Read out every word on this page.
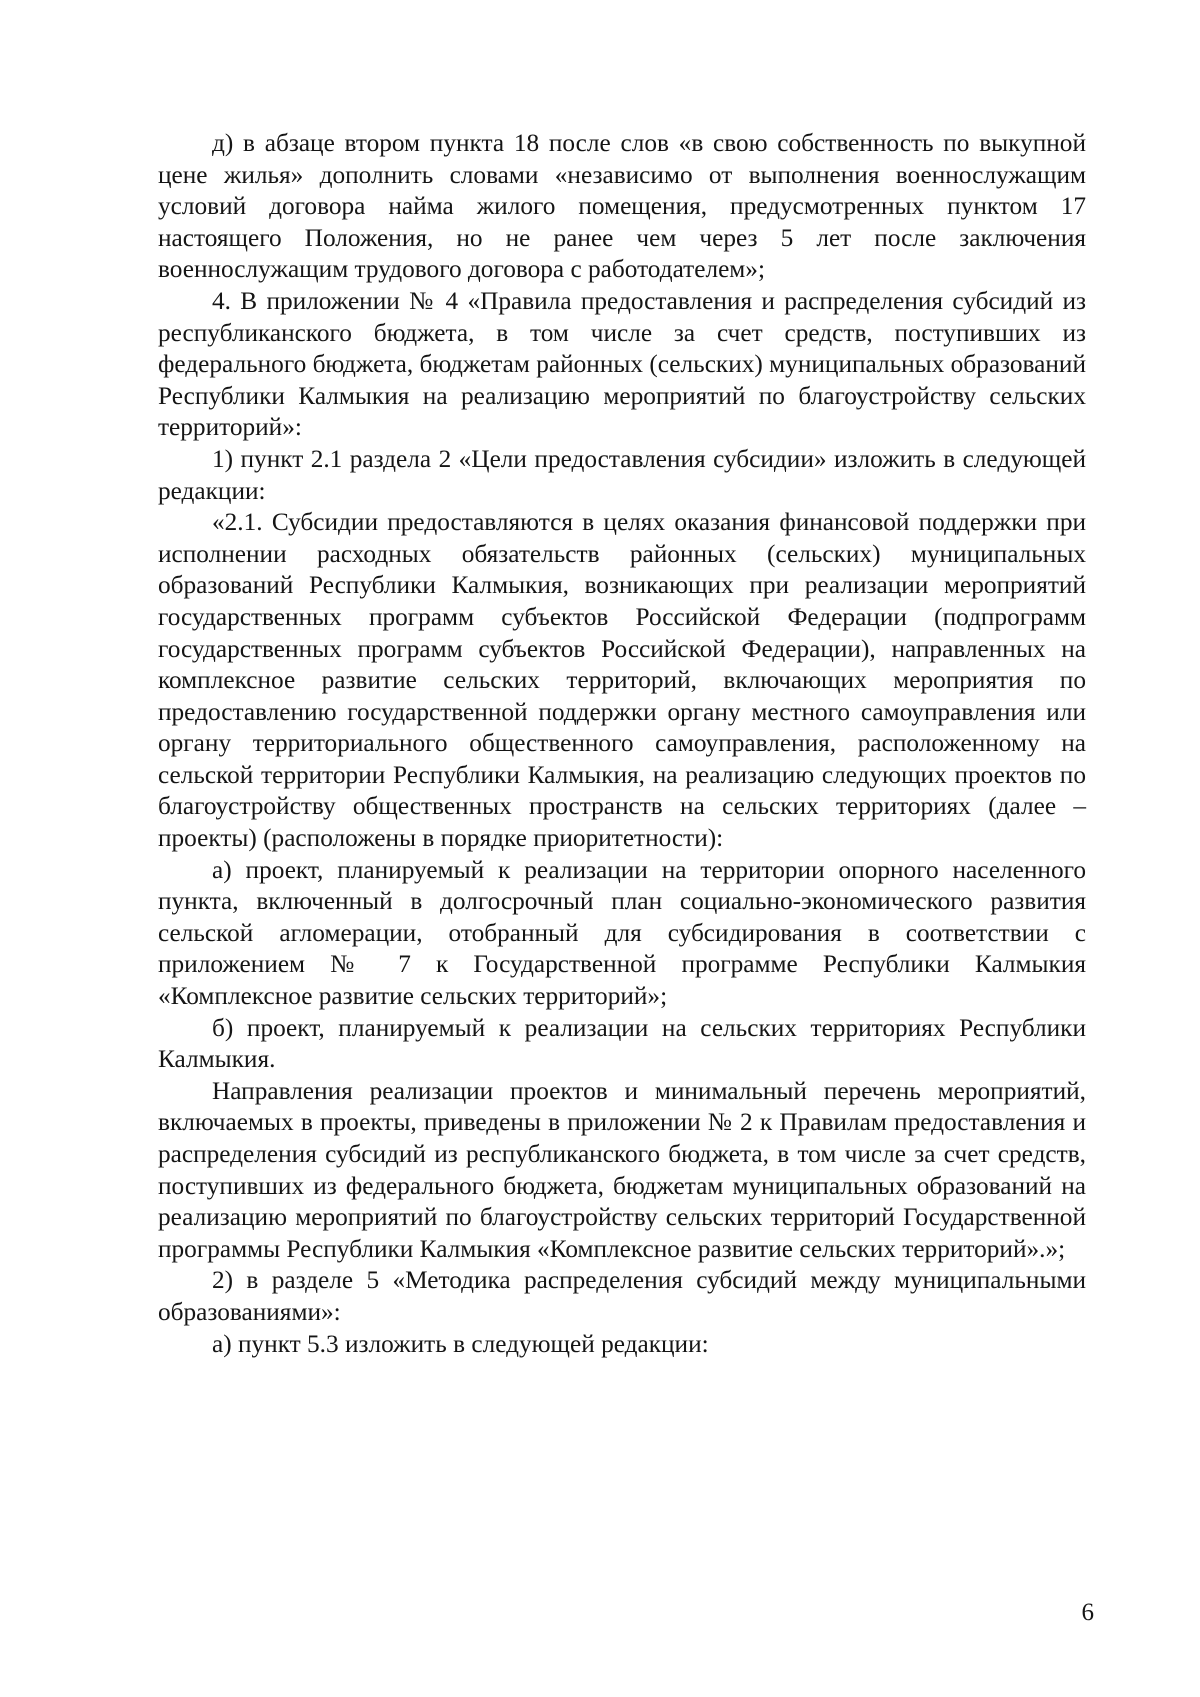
д) в абзаце втором пункта 18 после слов «в свою собственность по выкупной цене жилья» дополнить словами «независимо от выполнения военнослужащим условий договора найма жилого помещения, предусмотренных пунктом 17 настоящего Положения, но не ранее чем через 5 лет после заключения военнослужащим трудового договора с работодателем»;

4. В приложении № 4 «Правила предоставления и распределения субсидий из республиканского бюджета, в том числе за счет средств, поступивших из федерального бюджета, бюджетам районных (сельских) муниципальных образований Республики Калмыкия на реализацию мероприятий по благоустройству сельских территорий»:

1) пункт 2.1 раздела 2 «Цели предоставления субсидии» изложить в следующей редакции:

«2.1. Субсидии предоставляются в целях оказания финансовой поддержки при исполнении расходных обязательств районных (сельских) муниципальных образований Республики Калмыкия, возникающих при реализации мероприятий государственных программ субъектов Российской Федерации (подпрограмм государственных программ субъектов Российской Федерации), направленных на комплексное развитие сельских территорий, включающих мероприятия по предоставлению государственной поддержки органу местного самоуправления или органу территориального общественного самоуправления, расположенному на сельской территории Республики Калмыкия, на реализацию следующих проектов по благоустройству общественных пространств на сельских территориях (далее – проекты) (расположены в порядке приоритетности):

а) проект, планируемый к реализации на территории опорного населенного пункта, включенный в долгосрочный план социально-экономического развития сельской агломерации, отобранный для субсидирования в соответствии с приложением № 7 к Государственной программе Республики Калмыкия «Комплексное развитие сельских территорий»;

б) проект, планируемый к реализации на сельских территориях Республики Калмыкия.

Направления реализации проектов и минимальный перечень мероприятий, включаемых в проекты, приведены в приложении № 2 к Правилам предоставления и распределения субсидий из республиканского бюджета, в том числе за счет средств, поступивших из федерального бюджета, бюджетам муниципальных образований на реализацию мероприятий по благоустройству сельских территорий Государственной программы Республики Калмыкия «Комплексное развитие сельских территорий».»;

2) в разделе 5 «Методика распределения субсидий между муниципальными образованиями»:

а) пункт 5.3 изложить в следующей редакции:

6
